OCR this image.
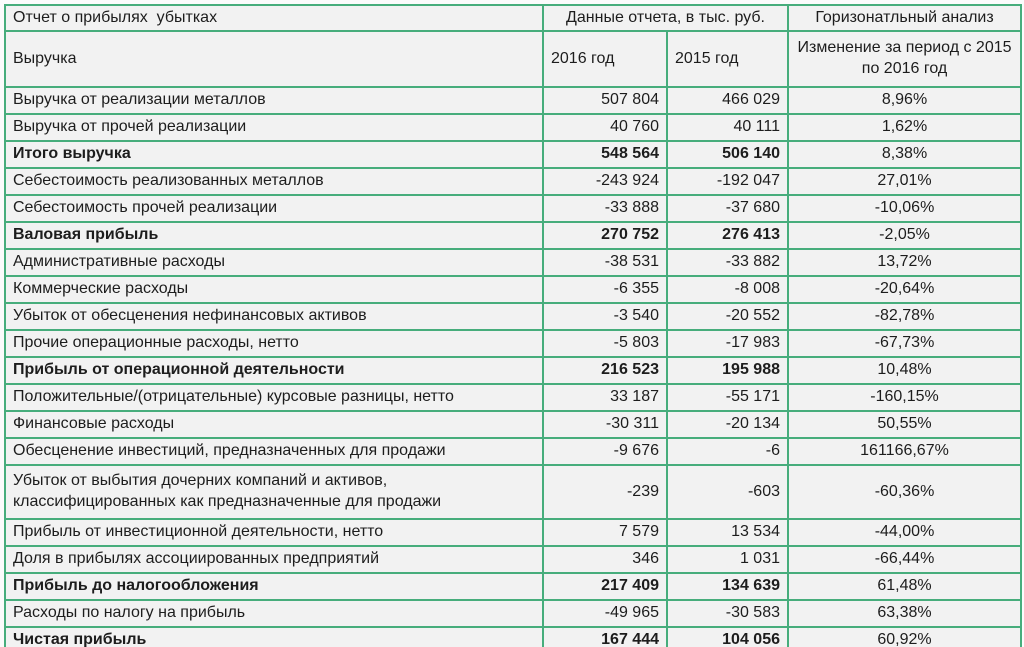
Отчет о прибылях  убытках	Данные отчета, в тыс. руб.		Горизонатльный анализ
Выручка	2016 год	2015 год	Изменение за период с 2015 по 2016 год
Выручка от реализации металлов	507 804	466 029	8,96%
Выручка от прочей реализации	40 760	40 111	1,62%
Итого выручка	548 564	506 140	8,38%
Себестоимость реализованных металлов	-243 924	-192 047	27,01%
Себестоимость прочей реализации	-33 888	-37 680	-10,06%
Валовая прибыль	270 752	276 413	-2,05%
Административные расходы	-38 531	-33 882	13,72%
Коммерческие расходы	-6 355	-8 008	-20,64%
Убыток от обесценения нефинансовых активов	-3 540	-20 552	-82,78%
Прочие операционные расходы, нетто	-5 803	-17 983	-67,73%
Прибыль от операционной деятельности	216 523	195 988	10,48%
Положительные/(отрицательные) курсовые разницы, нетто	33 187	-55 171	-160,15%
Финансовые расходы	-30 311	-20 134	50,55%
Обесценение инвестиций, предназначенных для продажи	-9 676	-6	161166,67%
Убыток от выбытия дочерних компаний и активов, классифицированных как предназначенные для продажи	-239	-603	-60,36%
Прибыль от инвестиционной деятельности, нетто	7 579	13 534	-44,00%
Доля в прибылях ассоциированных предприятий	346	1 031	-66,44%
Прибыль до налогообложения	217 409	134 639	61,48%
Расходы по налогу на прибыль	-49 965	-30 583	63,38%
Чистая прибыль	167 444	104 056	60,92%
